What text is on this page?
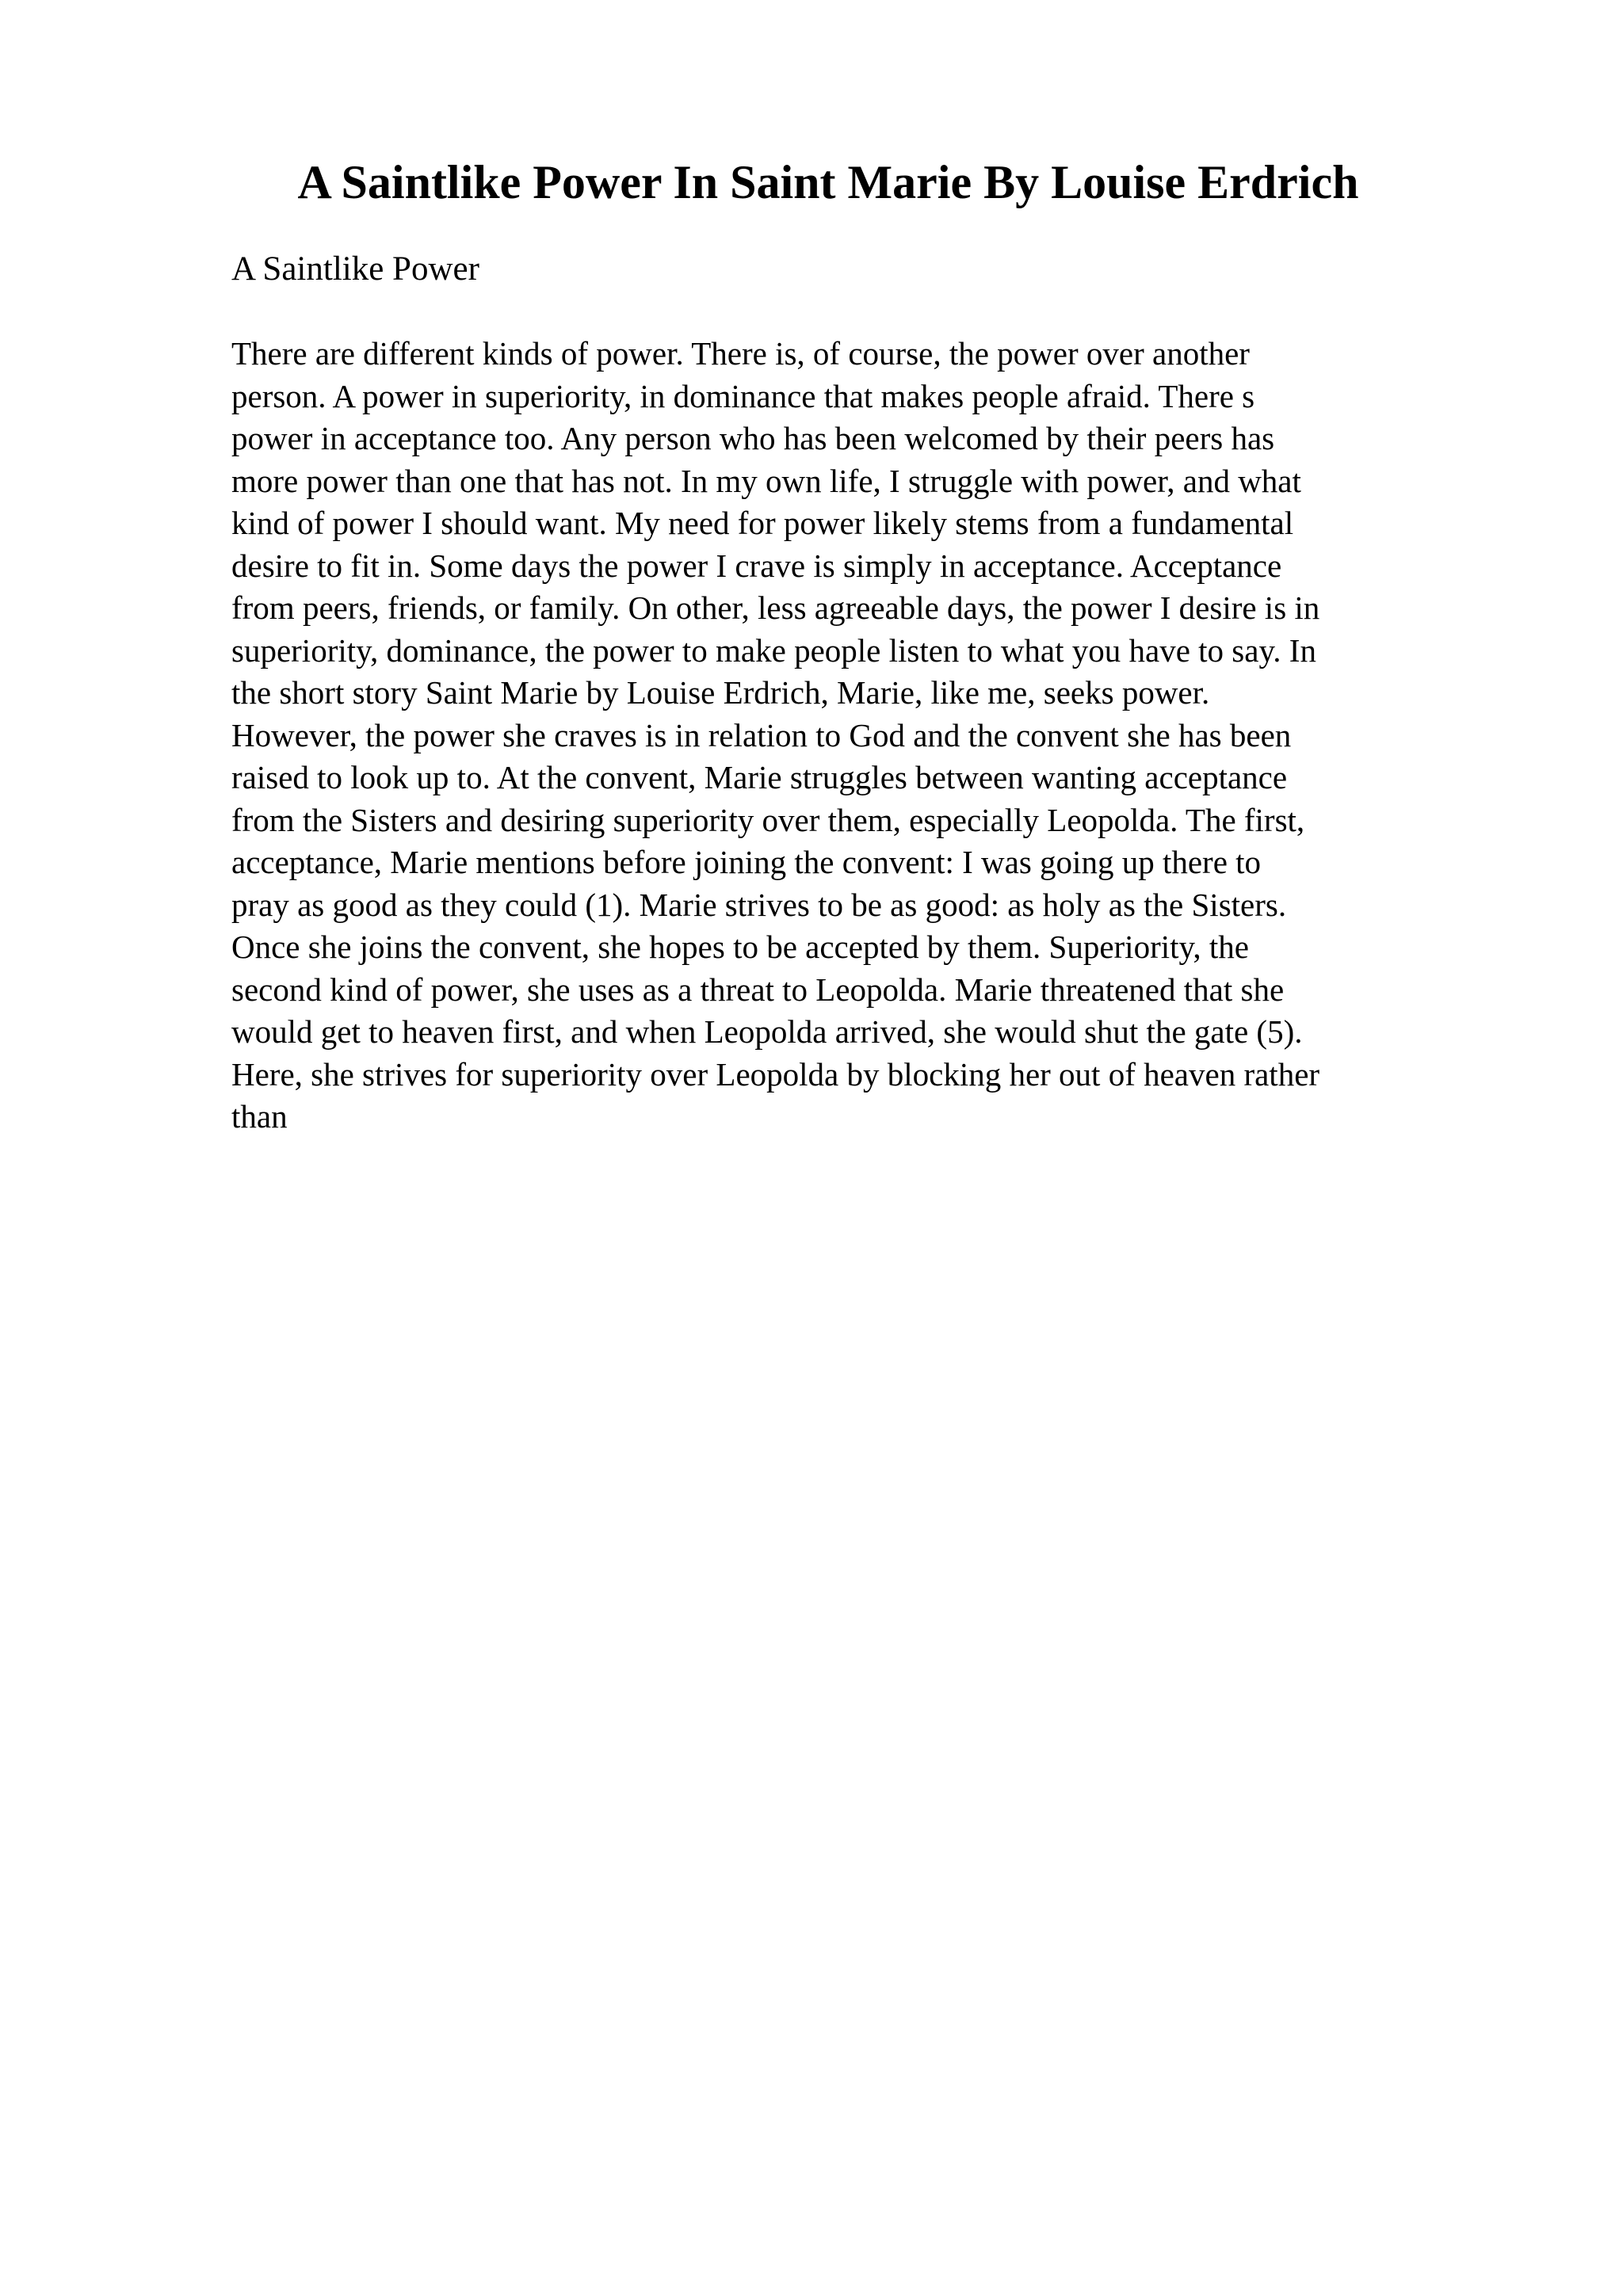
A Saintlike Power In Saint Marie By Louise Erdrich

A Saintlike Power

There are different kinds of power. There is, of course, the power over another
person. A power in superiority, in dominance that makes people afraid. There s
power in acceptance too. Any person who has been welcomed by their peers has
more power than one that has not. In my own life, I struggle with power, and what
kind of power I should want. My need for power likely stems from a fundamental
desire to fit in. Some days the power I crave is simply in acceptance. Acceptance
from peers, friends, or family. On other, less agreeable days, the power I desire is in
superiority, dominance, the power to make people listen to what you have to say. In
the short story Saint Marie by Louise Erdrich, Marie, like me, seeks power.
However, the power she craves is in relation to God and the convent she has been
raised to look up to. At the convent, Marie struggles between wanting acceptance
from the Sisters and desiring superiority over them, especially Leopolda. The first,
acceptance, Marie mentions before joining the convent: I was going up there to
pray as good as they could (1). Marie strives to be as good: as holy as the Sisters.
Once she joins the convent, she hopes to be accepted by them. Superiority, the
second kind of power, she uses as a threat to Leopolda. Marie threatened that she
would get to heaven first, and when Leopolda arrived, she would shut the gate (5).
Here, she strives for superiority over Leopolda by blocking her out of heaven rather
than
